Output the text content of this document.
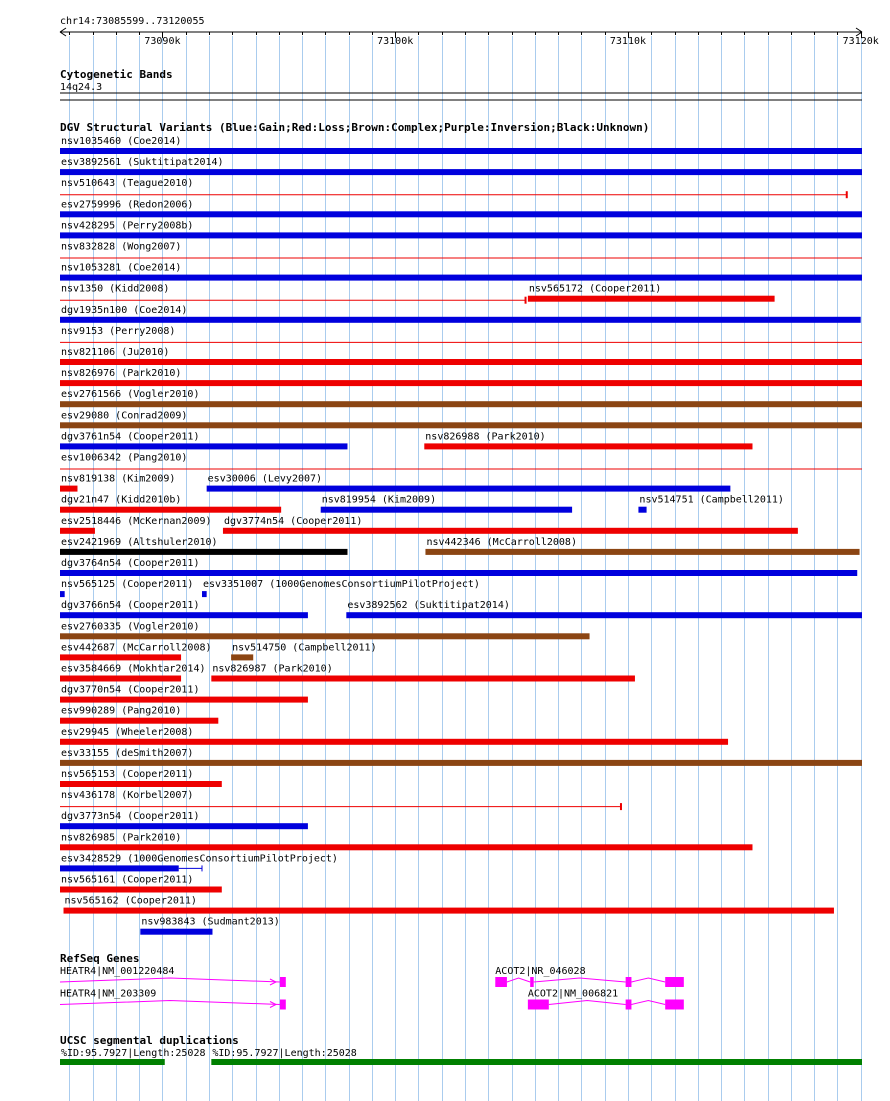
chr14:73085599..73120055
73090k	73100k	73110k	73120k
Cytogenetic Bands
14q24.3
DGV Structural Variants (Blue:Gain;Red:Loss;Brown:Complex;Purple:Inversion;Black:Unknown)
nsv1035460 (Coe2014)
esv3892561 (Suktitipat2014)
nsv510643 (Teague2010)
esv2759996 (Redon2006)
nsv428295 (Perry2008b)
nsv832828 (Wong2007)
nsv1053281 (Coe2014)
nsv1350 (Kidd2008)	nsv565172 (Cooper2011)
dgv1935n100 (Coe2014)
nsv9153 (Perry2008)
nsv821106 (Ju2010)
nsv826976 (Park2010)
esv2761566 (Vogler2010)
esv29080 (Conrad2009)
dgv3761n54 (Cooper2011)	nsv826988 (Park2010)
esv1006342 (Pang2010)
nsv819138 (Kim2009)	esv30006 (Levy2007)
dgv21n47 (Kidd2010b)	nsv819954 (Kim2009)	nsv514751 (Campbell2011)
esv2518446 (McKernan2009) dgv3774n54 (Cooper2011)
esv2421969 (Altshuler2010)	nsv442346 (McCarroll2008)
dgv3764n54 (Cooper2011)
nsv565125 (Cooper2011) esv3351007 (1000GenomesConsortiumPilotProject)
dgv3766n54 (Cooper2011)	esv3892562 (Suktitipat2014)
esv2760335 (Vogler2010)
esv442687 (McCarroll2008) nsv514750 (Campbell2011)
esv3584669 (Mokhtar2014) nsv826987 (Park2010)
dgv3770n54 (Cooper2011)
esv990289 (Pang2010)
esv29945 (Wheeler2008)
esv33155 (deSmith2007)
nsv565153 (Cooper2011)
nsv436178 (Korbel2007)
dgv3773n54 (Cooper2011)
nsv826985 (Park2010)
esv3428529 (1000GenomesConsortiumPilotProject)
nsv565161 (Cooper2011)
nsv565162 (Cooper2011)
nsv983843 (Sudmant2013)
RefSeq Genes
HEATR4|NM_001220484	ACOT2|NR_046028
HEATR4|NM_203309	ACOT2|NM_006821
UCSC segmental duplications
%ID:95.7927|Length:25028 %ID:95.7927|Length:25028
